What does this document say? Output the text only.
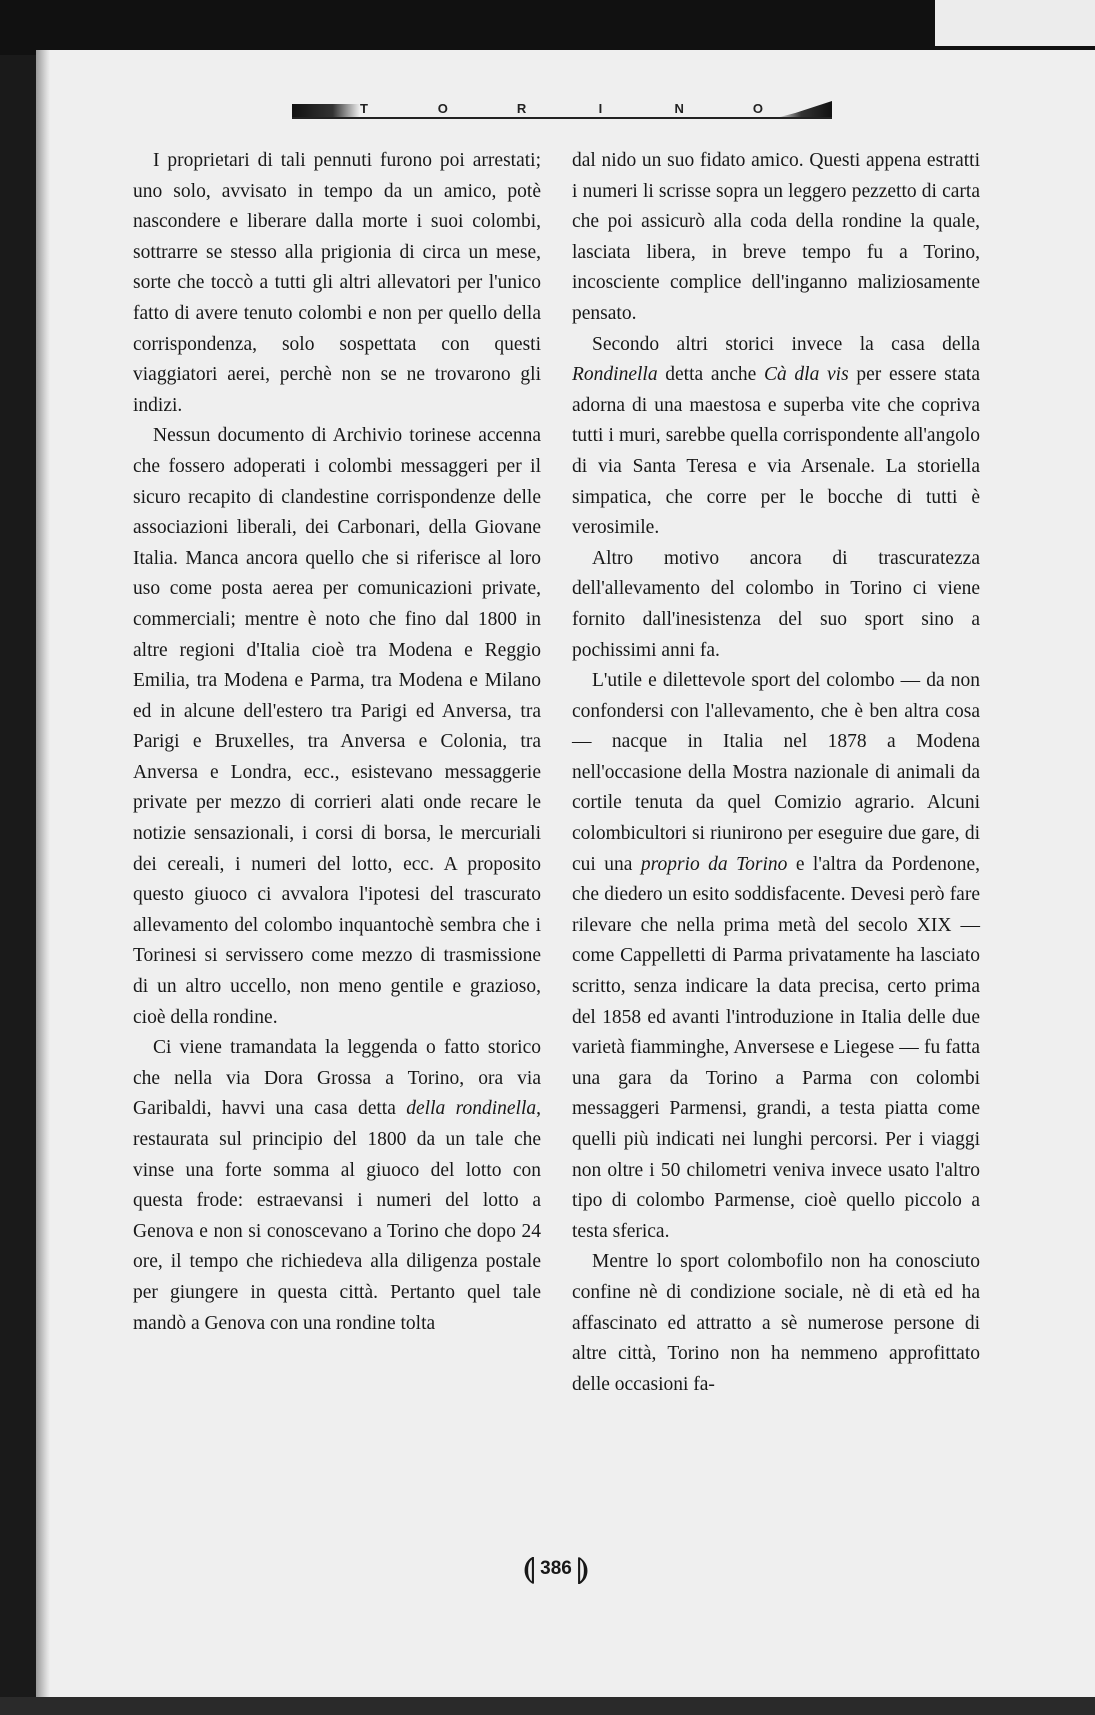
T	O	R	I	N	O

I proprietari di tali pennuti furono poi arrestati; uno solo, avvisato in tempo da un amico, potè nascondere e liberare dalla morte i suoi colombi, sottrarre se stesso alla prigionia di circa un mese, sorte che toccò a tutti gli altri allevatori per l'unico fatto di avere tenuto colombi e non per quello della corrispondenza, solo sospettata con questi viaggiatori aerei, perchè non se ne trovarono gli indizi.

Nessun documento di Archivio torinese accenna che fossero adoperati i colombi messaggeri per il sicuro recapito di clandestine corrispondenze delle associazioni liberali, dei Carbonari, della Giovane Italia. Manca ancora quello che si riferisce al loro uso come posta aerea per comunicazioni private, commerciali; mentre è noto che fino dal 1800 in altre regioni d'Italia cioè tra Modena e Reggio Emilia, tra Modena e Parma, tra Modena e Milano ed in alcune dell'estero tra Parigi ed Anversa, tra Parigi e Bruxelles, tra Anversa e Colonia, tra Anversa e Londra, ecc., esistevano messaggerie private per mezzo di corrieri alati onde recare le notizie sensazionali, i corsi di borsa, le mercuriali dei cereali, i numeri del lotto, ecc. A proposito questo giuoco ci avvalora l'ipotesi del trascurato allevamento del colombo inquantochè sembra che i Torinesi si servissero come mezzo di trasmissione di un altro uccello, non meno gentile e grazioso, cioè della rondine.

Ci viene tramandata la leggenda o fatto storico che nella via Dora Grossa a Torino, ora via Garibaldi, havvi una casa detta della rondinella, restaurata sul principio del 1800 da un tale che vinse una forte somma al giuoco del lotto con questa frode: estraevansi i numeri del lotto a Genova e non si conoscevano a Torino che dopo 24 ore, il tempo che richiedeva alla diligenza postale per giungere in questa città. Pertanto quel tale mandò a Genova con una rondine tolta

dal nido un suo fidato amico. Questi appena estratti i numeri li scrisse sopra un leggero pezzetto di carta che poi assicurò alla coda della rondine la quale, lasciata libera, in breve tempo fu a Torino, incosciente complice dell'inganno maliziosamente pensato.

Secondo altri storici invece la casa della Rondinella detta anche Cà dla vis per essere stata adorna di una maestosa e superba vite che copriva tutti i muri, sarebbe quella corrispondente all'angolo di via Santa Teresa e via Arsenale. La storiella simpatica, che corre per le bocche di tutti è verosimile.

Altro motivo ancora di trascuratezza dell'allevamento del colombo in Torino ci viene fornito dall'inesistenza del suo sport sino a pochissimi anni fa.

L'utile e dilettevole sport del colombo — da non confondersi con l'allevamento, che è ben altra cosa — nacque in Italia nel 1878 a Modena nell'occasione della Mostra nazionale di animali da cortile tenuta da quel Comizio agrario. Alcuni colombicultori si riunirono per eseguire due gare, di cui una proprio da Torino e l'altra da Pordenone, che diedero un esito soddisfacente. Devesi però fare rilevare che nella prima metà del secolo XIX — come Cappelletti di Parma privatamente ha lasciato scritto, senza indicare la data precisa, certo prima del 1858 ed avanti l'introduzione in Italia delle due varietà fiamminghe, Anversese e Liegese — fu fatta una gara da Torino a Parma con colombi messaggeri Parmensi, grandi, a testa piatta come quelli più indicati nei lunghi percorsi. Per i viaggi non oltre i 50 chilometri veniva invece usato l'altro tipo di colombo Parmense, cioè quello piccolo a testa sferica.

Mentre lo sport colombofilo non ha conosciuto confine nè di condizione sociale, nè di età ed ha affascinato ed attratto a sè numerose persone di altre città, Torino non ha nemmeno approfittato delle occasioni fa-

⦇ 386 ⦈
